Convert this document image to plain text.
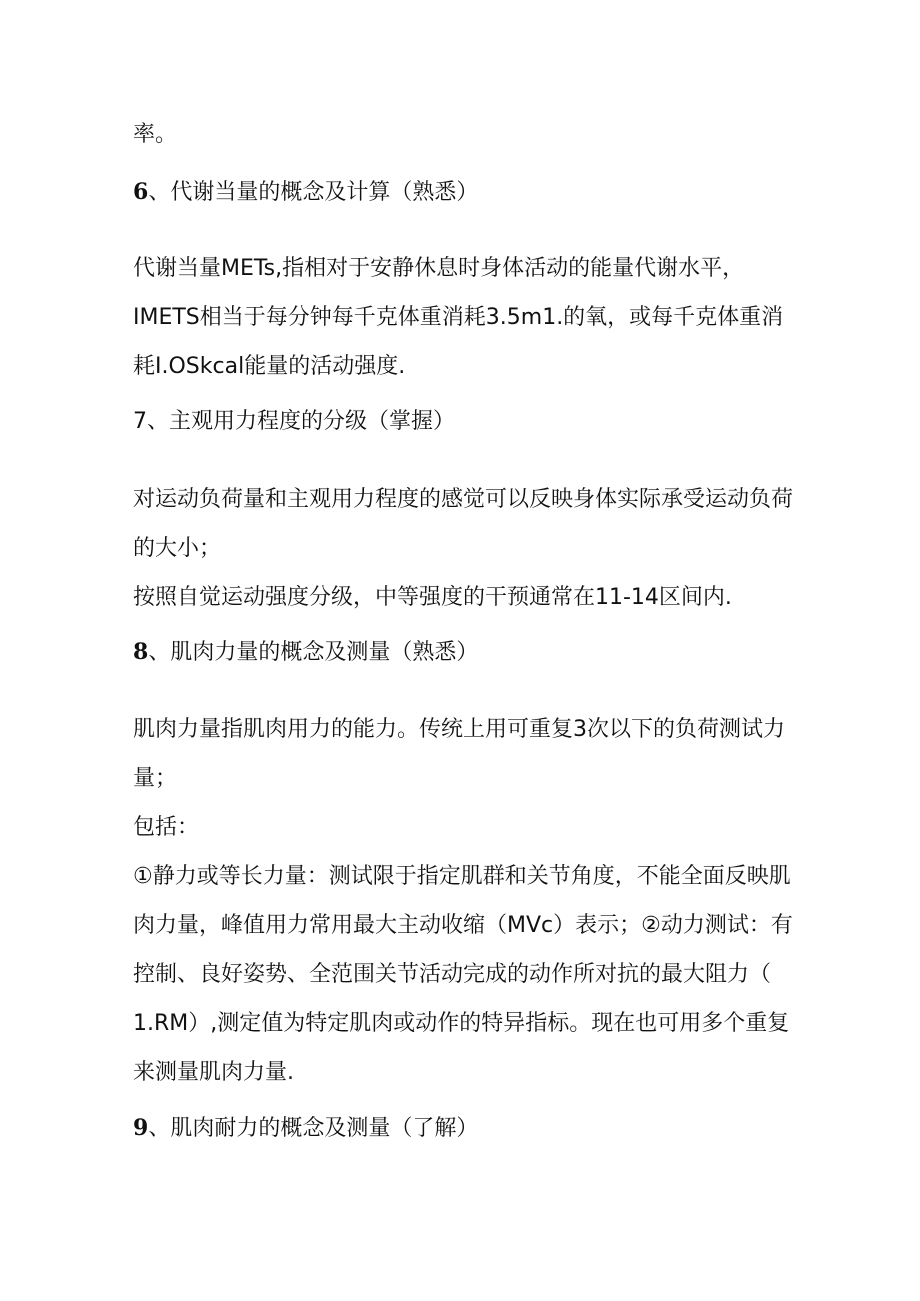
率。
6、代谢当量的概念及计算（熟悉）
代谢当量METs,指相对于安静休息时身体活动的能量代谢水平，
IMETS相当于每分钟每千克体重消耗3.5m1.的氧，或每千克体重消
耗I.OSkcal能量的活动强度.
7、主观用力程度的分级（掌握）
对运动负荷量和主观用力程度的感觉可以反映身体实际承受运动负荷
的大小；
按照自觉运动强度分级，中等强度的干预通常在11-14区间内.
8、肌肉力量的概念及测量（熟悉）
肌肉力量指肌肉用力的能力。传统上用可重复3次以下的负荷测试力
量；
包括：
①静力或等长力量：测试限于指定肌群和关节角度，不能全面反映肌
肉力量，峰值用力常用最大主动收缩（MVc）表示；②动力测试：有
控制、良好姿势、全范围关节活动完成的动作所对抗的最大阻力（
1.RM）,测定值为特定肌肉或动作的特异指标。现在也可用多个重复
来测量肌肉力量.
9、肌肉耐力的概念及测量（了解）
